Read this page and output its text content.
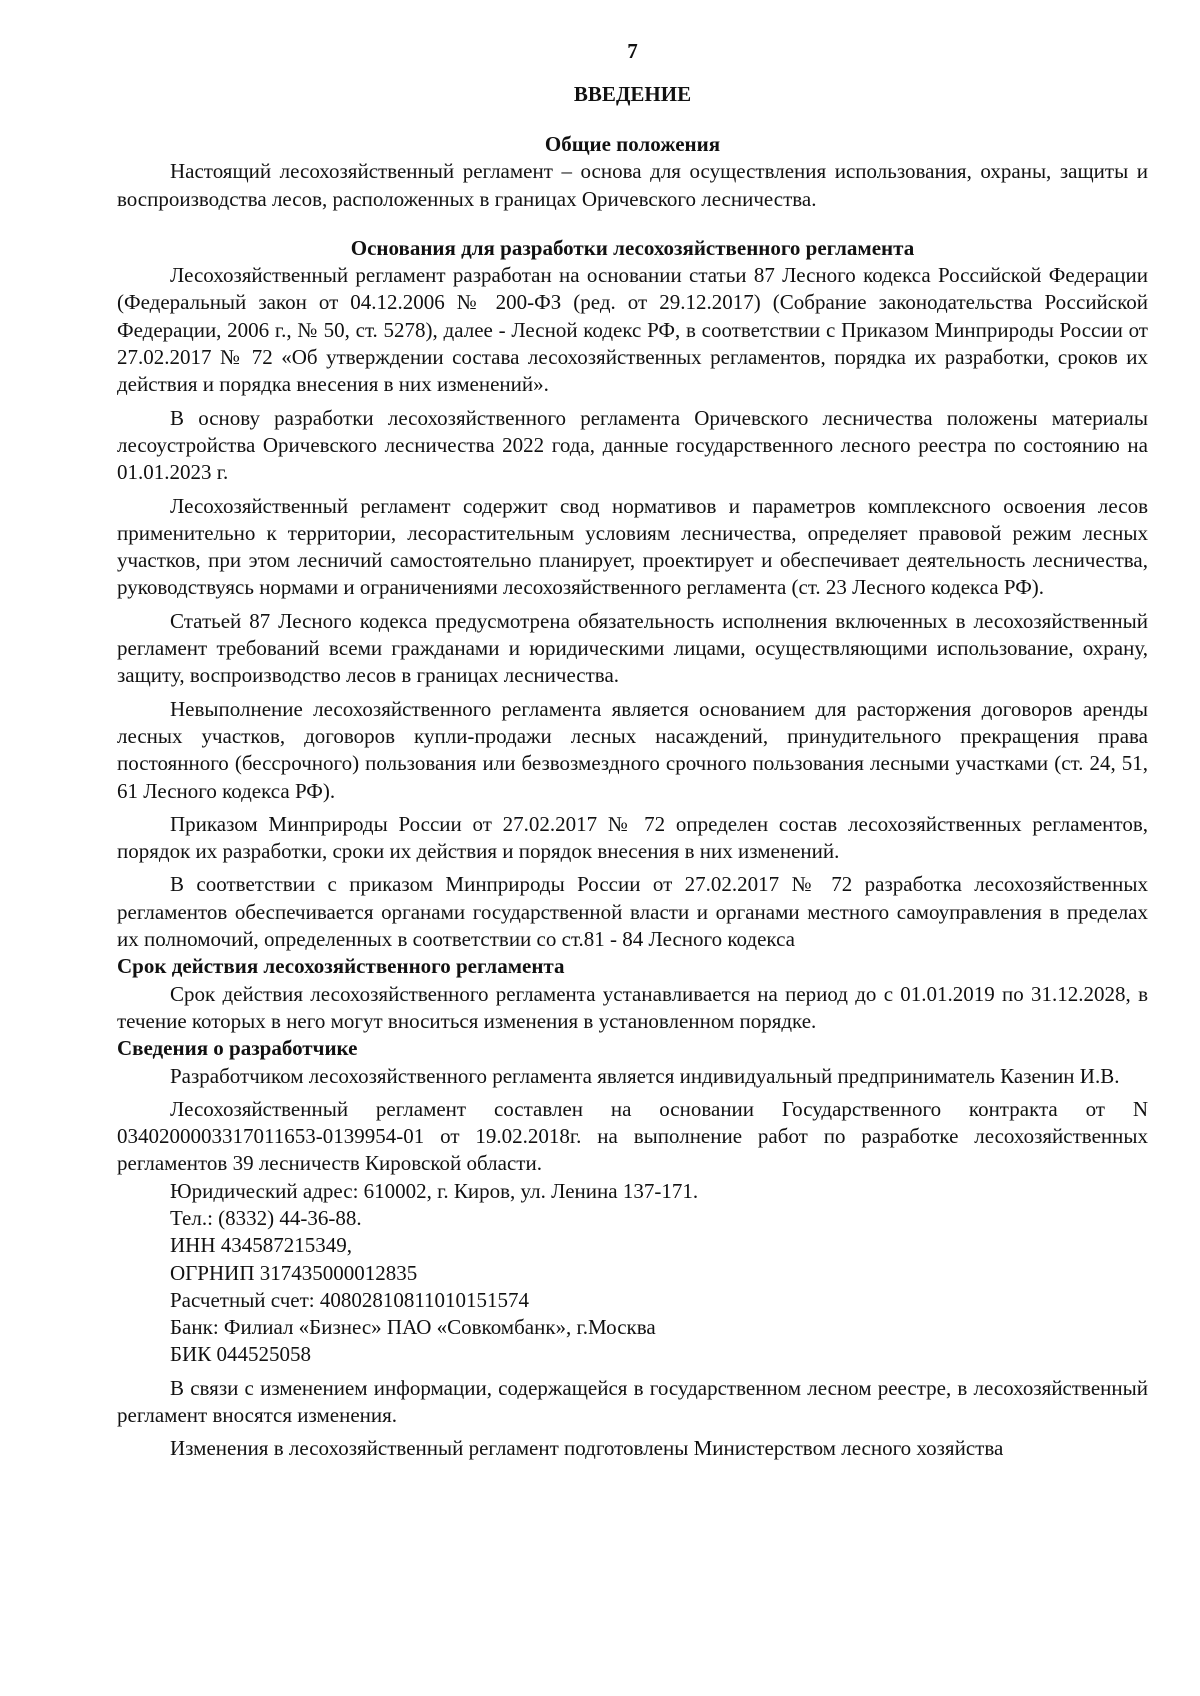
7
ВВЕДЕНИЕ
Общие положения

Настоящий лесохозяйственный регламент – основа для осуществления использования, охраны, защиты и воспроизводства лесов, расположенных в границах Оричевского лесничества.

Основания для разработки лесохозяйственного регламента

Лесохозяйственный регламент разработан на основании статьи 87 Лесного кодекса Российской Федерации (Федеральный закон от 04.12.2006 № 200-ФЗ (ред. от 29.12.2017) (Собрание законодательства Российской Федерации, 2006 г., № 50, ст. 5278), далее - Лесной кодекс РФ, в соответствии с Приказом Минприроды России от 27.02.2017 № 72 «Об утверждении состава лесохозяйственных регламентов, порядка их разработки, сроков их действия и порядка внесения в них изменений».

В основу разработки лесохозяйственного регламента Оричевского лесничества положены материалы лесоустройства Оричевского лесничества 2022 года, данные государственного лесного реестра по состоянию на 01.01.2023 г.

Лесохозяйственный регламент содержит свод нормативов и параметров комплексного освоения лесов применительно к территории, лесорастительным условиям лесничества, определяет правовой режим лесных участков, при этом лесничий самостоятельно планирует, проектирует и обеспечивает деятельность лесничества, руководствуясь нормами и ограничениями лесохозяйственного регламента (ст. 23 Лесного кодекса РФ).

Статьей 87 Лесного кодекса предусмотрена обязательность исполнения включенных в лесохозяйственный регламент требований всеми гражданами и юридическими лицами, осуществляющими использование, охрану, защиту, воспроизводство лесов в границах лесничества.

Невыполнение лесохозяйственного регламента является основанием для расторжения договоров аренды лесных участков, договоров купли-продажи лесных насаждений, принудительного прекращения права постоянного (бессрочного) пользования или безвозмездного срочного пользования лесными участками (ст. 24, 51, 61 Лесного кодекса РФ).

Приказом Минприроды России от 27.02.2017 № 72 определен состав лесохозяйственных регламентов, порядок их разработки, сроки их действия и порядок внесения в них изменений.

В соответствии с приказом Минприроды России от 27.02.2017 № 72 разработка лесохозяйственных регламентов обеспечивается органами государственной власти и органами местного самоуправления в пределах их полномочий, определенных в соответствии со ст.81 - 84 Лесного кодекса

Срок действия лесохозяйственного регламента

Срок действия лесохозяйственного регламента устанавливается на период до с 01.01.2019 по 31.12.2028, в течение которых в него могут вноситься изменения в установленном порядке.

Сведения о разработчике

Разработчиком лесохозяйственного регламента является индивидуальный предприниматель Казенин И.В.

Лесохозяйственный регламент составлен на основании Государственного контракта от N 0340200003317011653-0139954-01 от 19.02.2018г. на выполнение работ по разработке лесохозяйственных регламентов 39 лесничеств Кировской области.

Юридический адрес: 610002, г. Киров, ул. Ленина 137-171.
Тел.: (8332) 44-36-88.
ИНН 434587215349,
ОГРНИП 317435000012835
Расчетный счет: 40802810811010151574
Банк: Филиал «Бизнес» ПАО «Совкомбанк», г.Москва
БИК 044525058

В связи с изменением информации, содержащейся в государственном лесном реестре, в лесохозяйственный регламент вносятся изменения.

Изменения в лесохозяйственный регламент подготовлены Министерством лесного хозяйства
